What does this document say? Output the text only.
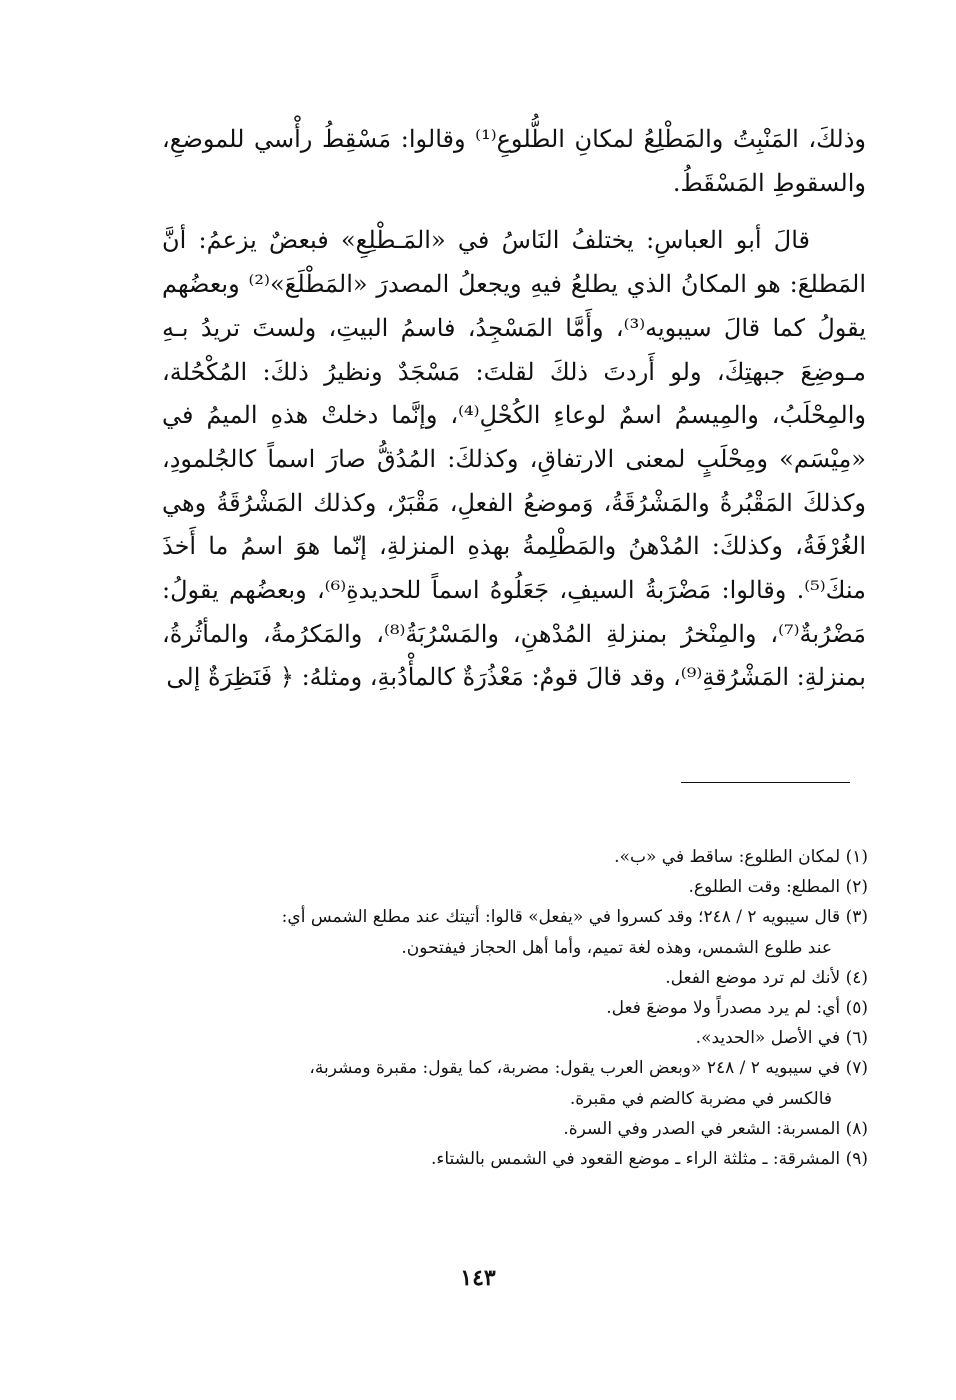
وذلكَ، المَنْبِتُ والمَطْلِعُ لمكانِ الطُّلوعِ⁽¹⁾ وقالوا: مَسْقِطُ رأْسي للموضعِ، والسقوطِ المَسْقَطُ.

قالَ أبو العباسِ: يختلفُ النَاسُ في «المَـطْلِعِ» فبعضٌ يزعمُ: أنَّ المَطلعَ: هو المكانُ الذي يطلعُ فيهِ ويجعلُ المصدرَ «المَطْلَعَ»⁽²⁾ وبعضُهم يقولُ كما قالَ سيبويه⁽³⁾، وأَمَّا المَسْجِدُ، فاسمُ البيتِ، ولستَ تريدُ بـهِ مـوضِعَ جبهتِكَ، ولو أَردتَ ذلكَ لقلتَ: مَسْجَدٌ ونظيرُ ذلكَ: المُكْحُلة، والمِحْلَبُ، والمِيسمُ اسمٌ لوعاءِ الكُحْلِ⁽⁴⁾، وإنَّما دخلتْ هذهِ الميمُ في «مِيْسَم» ومِحْلَبٍ لمعنى الارتفاقِ، وكذلكَ: المُدُقُّ صارَ اسماً كالجُلمودِ، وكذلكَ المَقْبُرةُ والمَشْرُقَةُ، وَموضعُ الفعلِ، مَقْبَرٌ، وكذلك المَشْرُقَةُ وهي الغُرْفَةُ، وكذلكَ: المُدْهنُ والمَطْلِمةُ بهذهِ المنزلةِ، إنّما هوَ اسمُ ما أَخذَ منكَ⁽⁵⁾. وقالوا: مَضْرَبةُ السيفِ، جَعَلُوهُ اسماً للحديدةِ⁽⁶⁾، وبعضُهم يقولُ: مَضْرُبةٌ⁽⁷⁾، والمِنْخرُ بمنزلةِ المُدْهنِ، والمَسْرُبَةُ⁽⁸⁾، والمَكرُمةُ، والمأثُرةُ، بمنزلةِ: المَشْرُقةِ⁽⁹⁾، وقد قالَ قومٌ: مَعْذُرَةٌ كالمأْدُبةِ، ومثلهُ: ﴿ فَنَظِرَةٌ إلى

(١) لمكان الطلوع: ساقط في «ب».

(٢) المطلع: وقت الطلوع.

(٣) قال سيبويه ٢ / ٢٤٨؛ وقد كسروا في «يفعل» قالوا: أتيتك عند مطلع الشمس أي:
عند طلوع الشمس، وهذه لغة تميم، وأما أهل الحجاز فيفتحون.

(٤) لأنك لم ترد موضع الفعل.

(٥) أي: لم يرد مصدراً ولا موضعَ فعل.

(٦) في الأصل «الحديد».

(٧) في سيبويه ٢ / ٢٤٨ «وبعض العرب يقول: مضربة، كما يقول: مقبرة ومشربة،
فالكسر في مضربة كالضم في مقبرة.

(٨) المسربة: الشعر في الصدر وفي السرة.

(٩) المشرقة: ـ مثلثة الراء ـ موضع القعود في الشمس بالشتاء.

١٤٣
